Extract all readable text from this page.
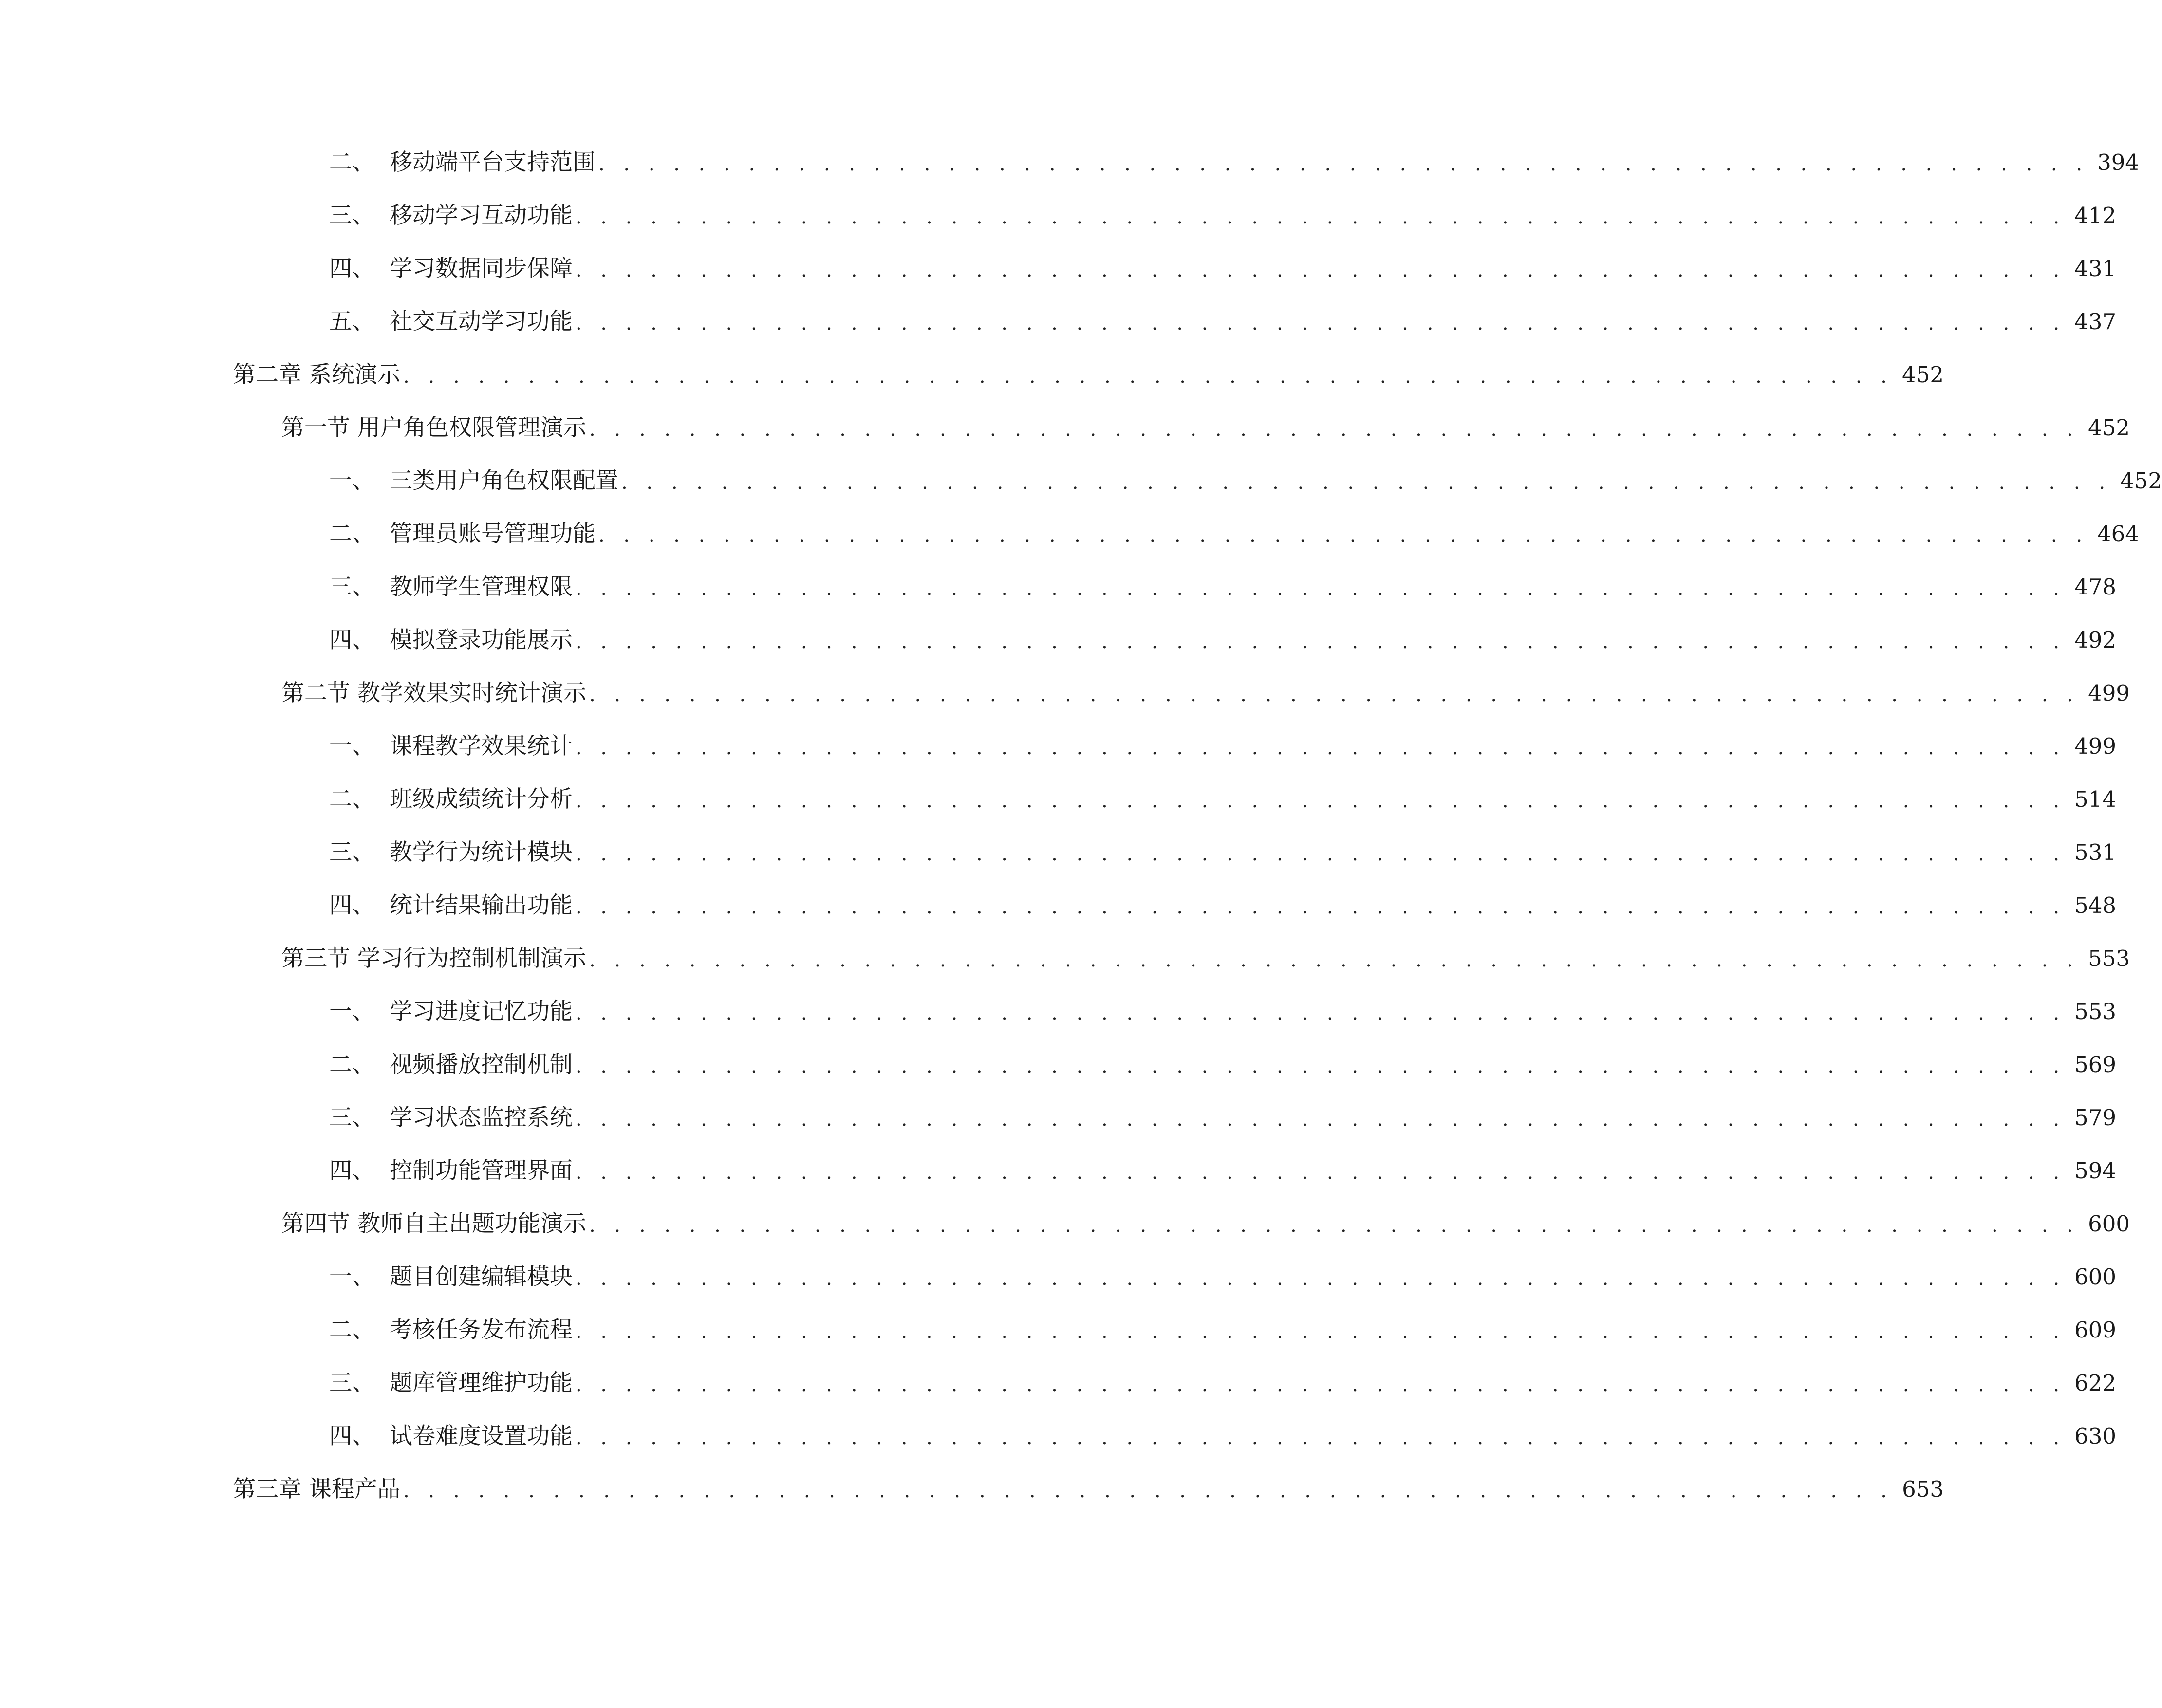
二、 移动端平台支持范围 . . . . . . . . . . . . . . . . . . . . . . . . . . . . . . . . . . . . . . . . . . . . . . . . . . . . . . . . . . . . 394
三、 移动学习互动功能 . . . . . . . . . . . . . . . . . . . . . . . . . . . . . . . . . . . . . . . . . . . . . . . . . . . . . . . . . . . . 412
四、 学习数据同步保障 . . . . . . . . . . . . . . . . . . . . . . . . . . . . . . . . . . . . . . . . . . . . . . . . . . . . . . . . . . . . 431
五、 社交互动学习功能 . . . . . . . . . . . . . . . . . . . . . . . . . . . . . . . . . . . . . . . . . . . . . . . . . . . . . . . . . . . . 437
第二章 系统演示 . . . . . . . . . . . . . . . . . . . . . . . . . . . . . . . . . . . . . . . . . . . . . . . . . . . . . . . . . . . . 452
第一节 用户角色权限管理演示 . . . . . . . . . . . . . . . . . . . . . . . . . . . . . . . . . . . . . . . . . . . . . . . . . . . . . . . . . . . . 452
一、 三类用户角色权限配置 . . . . . . . . . . . . . . . . . . . . . . . . . . . . . . . . . . . . . . . . . . . . . . . . . . . . . . . . . . . . 452
二、 管理员账号管理功能 . . . . . . . . . . . . . . . . . . . . . . . . . . . . . . . . . . . . . . . . . . . . . . . . . . . . . . . . . . . . 464
三、 教师学生管理权限 . . . . . . . . . . . . . . . . . . . . . . . . . . . . . . . . . . . . . . . . . . . . . . . . . . . . . . . . . . . . 478
四、 模拟登录功能展示 . . . . . . . . . . . . . . . . . . . . . . . . . . . . . . . . . . . . . . . . . . . . . . . . . . . . . . . . . . . . 492
第二节 教学效果实时统计演示 . . . . . . . . . . . . . . . . . . . . . . . . . . . . . . . . . . . . . . . . . . . . . . . . . . . . . . . . . . . . 499
一、 课程教学效果统计 . . . . . . . . . . . . . . . . . . . . . . . . . . . . . . . . . . . . . . . . . . . . . . . . . . . . . . . . . . . . 499
二、 班级成绩统计分析 . . . . . . . . . . . . . . . . . . . . . . . . . . . . . . . . . . . . . . . . . . . . . . . . . . . . . . . . . . . . 514
三、 教学行为统计模块 . . . . . . . . . . . . . . . . . . . . . . . . . . . . . . . . . . . . . . . . . . . . . . . . . . . . . . . . . . . . 531
四、 统计结果输出功能 . . . . . . . . . . . . . . . . . . . . . . . . . . . . . . . . . . . . . . . . . . . . . . . . . . . . . . . . . . . . 548
第三节 学习行为控制机制演示 . . . . . . . . . . . . . . . . . . . . . . . . . . . . . . . . . . . . . . . . . . . . . . . . . . . . . . . . . . . . 553
一、 学习进度记忆功能 . . . . . . . . . . . . . . . . . . . . . . . . . . . . . . . . . . . . . . . . . . . . . . . . . . . . . . . . . . . . 553
二、 视频播放控制机制 . . . . . . . . . . . . . . . . . . . . . . . . . . . . . . . . . . . . . . . . . . . . . . . . . . . . . . . . . . . . 569
三、 学习状态监控系统 . . . . . . . . . . . . . . . . . . . . . . . . . . . . . . . . . . . . . . . . . . . . . . . . . . . . . . . . . . . . 579
四、 控制功能管理界面 . . . . . . . . . . . . . . . . . . . . . . . . . . . . . . . . . . . . . . . . . . . . . . . . . . . . . . . . . . . . 594
第四节 教师自主出题功能演示 . . . . . . . . . . . . . . . . . . . . . . . . . . . . . . . . . . . . . . . . . . . . . . . . . . . . . . . . . . . . 600
一、 题目创建编辑模块 . . . . . . . . . . . . . . . . . . . . . . . . . . . . . . . . . . . . . . . . . . . . . . . . . . . . . . . . . . . . 600
二、 考核任务发布流程 . . . . . . . . . . . . . . . . . . . . . . . . . . . . . . . . . . . . . . . . . . . . . . . . . . . . . . . . . . . . 609
三、 题库管理维护功能 . . . . . . . . . . . . . . . . . . . . . . . . . . . . . . . . . . . . . . . . . . . . . . . . . . . . . . . . . . . . 622
四、 试卷难度设置功能 . . . . . . . . . . . . . . . . . . . . . . . . . . . . . . . . . . . . . . . . . . . . . . . . . . . . . . . . . . . . 630
第三章 课程产品 . . . . . . . . . . . . . . . . . . . . . . . . . . . . . . . . . . . . . . . . . . . . . . . . . . . . . . . . . . . . 653
